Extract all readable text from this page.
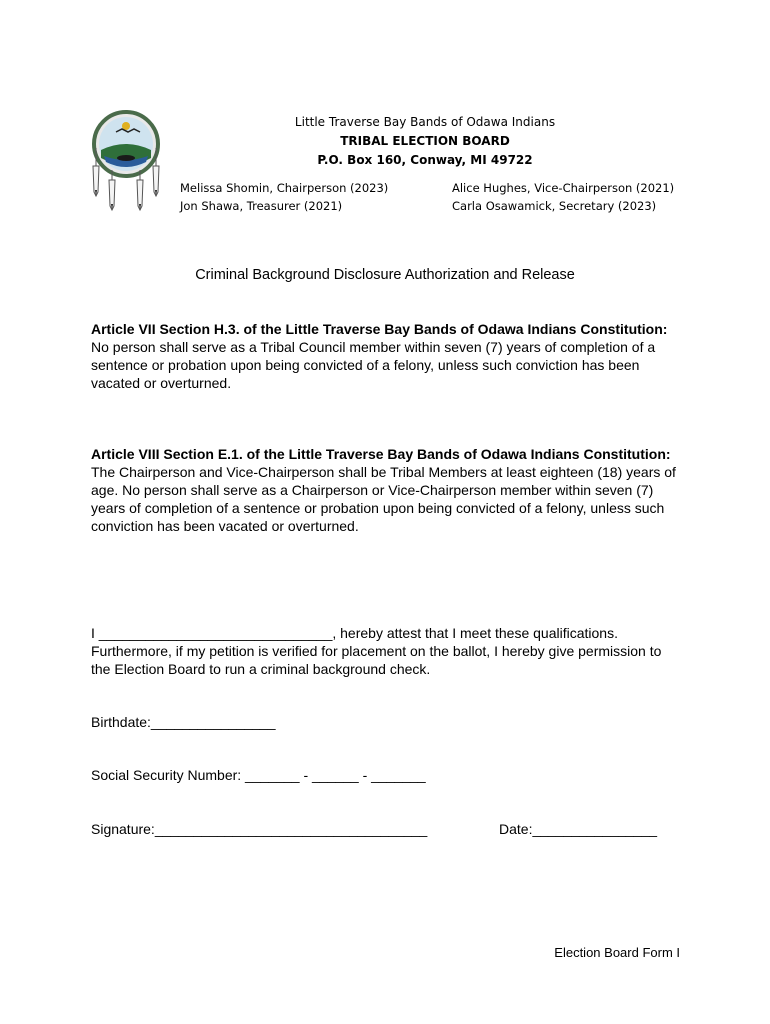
Little Traverse Bay Bands of Odawa Indians
TRIBAL ELECTION BOARD
P.O. Box 160, Conway, MI 49722
Melissa Shomin, Chairperson (2023)
Jon Shawa, Treasurer (2021)
Alice Hughes, Vice-Chairperson (2021)
Carla Osawamick, Secretary (2023)
Criminal Background Disclosure Authorization and Release
Article VII Section H.3. of the Little Traverse Bay Bands of Odawa Indians Constitution:
No person shall serve as a Tribal Council member within seven (7) years of completion of a sentence or probation upon being convicted of a felony, unless such conviction has been vacated or overturned.
Article VIII Section E.1. of the Little Traverse Bay Bands of Odawa Indians Constitution:
The Chairperson and Vice-Chairperson shall be Tribal Members at least eighteen (18) years of age. No person shall serve as a Chairperson or Vice-Chairperson member within seven (7) years of completion of a sentence or probation upon being convicted of a felony, unless such conviction has been vacated or overturned.
I ______________________________, hereby attest that I meet these qualifications. Furthermore, if my petition is verified for placement on the ballot, I hereby give permission to the Election Board to run a criminal background check.
Birthdate:________________
Social Security Number: _______ - ______ - _______
Signature:___________________________________	Date:________________
Election Board Form I
